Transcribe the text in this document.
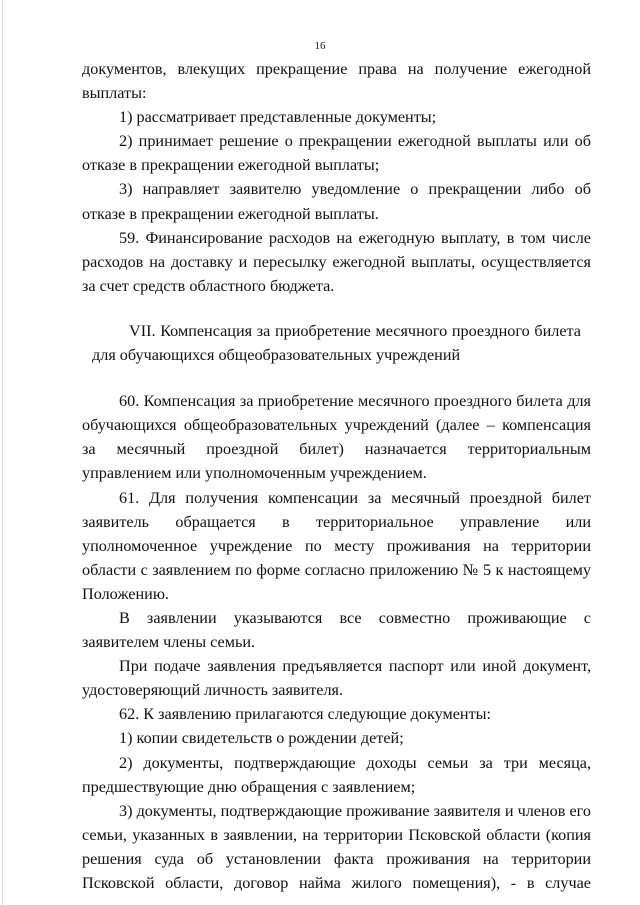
16

документов, влекущих прекращение права на получение ежегодной выплаты:

1) рассматривает представленные документы;

2) принимает решение о прекращении ежегодной выплаты или об отказе в прекращении ежегодной выплаты;

3) направляет заявителю уведомление о прекращении либо об отказе в прекращении ежегодной выплаты.

59. Финансирование расходов на ежегодную выплату, в том числе расходов на доставку и пересылку ежегодной выплаты, осуществляется за счет средств областного бюджета.

VII. Компенсация за приобретение месячного проездного билета для обучающихся общеобразовательных учреждений

60. Компенсация за приобретение месячного проездного билета для обучающихся общеобразовательных учреждений (далее – компенсация за месячный проездной билет) назначается территориальным управлением или уполномоченным учреждением.

61. Для получения компенсации за месячный проездной билет заявитель обращается в территориальное управление или уполномоченное учреждение по месту проживания на территории области с заявлением по форме согласно приложению № 5 к настоящему Положению.

В заявлении указываются все совместно проживающие с заявителем члены семьи.

При подаче заявления предъявляется паспорт или иной документ, удостоверяющий личность заявителя.

62. К заявлению прилагаются следующие документы:

1) копии свидетельств о рождении детей;

2) документы, подтверждающие доходы семьи за три месяца, предшествующие дню обращения с заявлением;

3) документы, подтверждающие проживание заявителя и членов его семьи, указанных в заявлении, на территории Псковской области (копия решения суда об установлении факта проживания на территории Псковской области, договор найма жилого помещения), - в случае
